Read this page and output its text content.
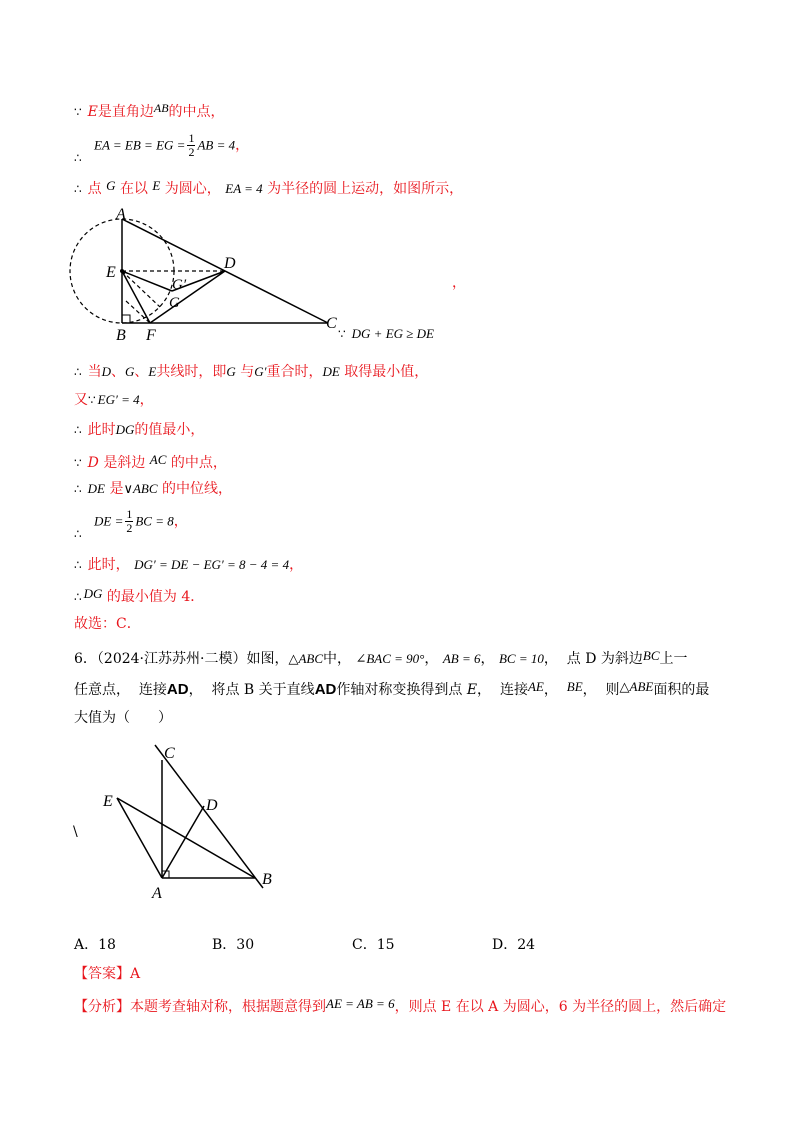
∵ E是直角边AB的中点，
∴
EA = EB = EG = $\frac{1}{2}$ AB = 4，
∴ 点 G 在以 E 为圆心， EA = 4 为半径的圆上运动，如图所示，
A
D
E
G′
G
B F
C
，
∵ DG + EG ≥ DE
∴ 当D、G、E共线时，即G 与G′重合时，DE 取得最小值，
又∵ EG′ = 4，
∴ 此时DG的值最小，
∵ D 是斜边 AC 的中点，
∴ DE 是∨ABC 的中位线，
∴
DE = $\frac{1}{2}$ BC = 8，
∴ 此时， DG′ = DE − EG′ = 8 − 4 = 4，
∴ DG 的最小值为 4．
故选：C．
6．（2024·江苏苏州·二模）如图，△ABC中， ∠BAC = 90°， AB = 6， BC = 10， 点 D 为斜边BC上一
任意点， 连接AD， 将点 B 关于直线AD作轴对称变换得到点 E， 连接AE， BE， 则△ABE面积的最
大值为（　　）
C
E	D
A
B
\
A．18	B．30	C．15	D．24
【答案】A
【分析】本题考查轴对称，根据题意得到AE = AB = 6，则点 E 在以 A 为圆心，6 为半径的圆上，然后确定
